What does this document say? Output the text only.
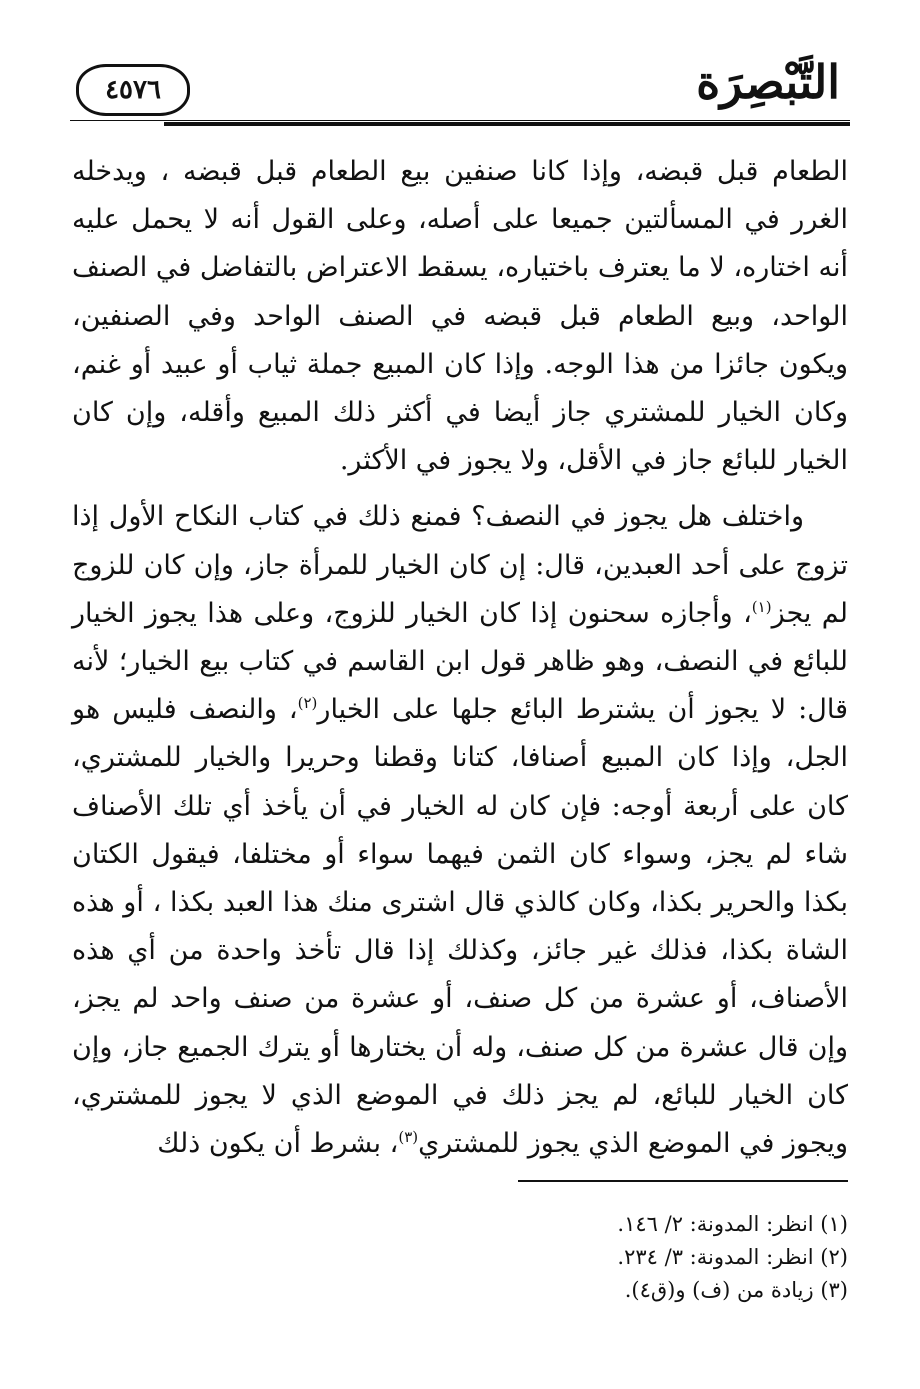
التَّبْصِرَة
٤٥٧٦

الطعام قبل قبضه، وإذا كانا صنفين بيع الطعام قبل قبضه ، ويدخله الغرر في المسألتين جميعا على أصله، وعلى القول أنه لا يحمل عليه أنه اختاره، لا ما يعترف باختياره، يسقط الاعتراض بالتفاضل في الصنف الواحد، وبيع الطعام قبل قبضه في الصنف الواحد وفي الصنفين، ويكون جائزا من هذا الوجه. وإذا كان المبيع جملة ثياب أو عبيد أو غنم، وكان الخيار للمشتري جاز أيضا في أكثر ذلك المبيع وأقله، وإن كان الخيار للبائع جاز في الأقل، ولا يجوز في الأكثر.

واختلف هل يجوز في النصف؟ فمنع ذلك في كتاب النكاح الأول إذا تزوج على أحد العبدين، قال: إن كان الخيار للمرأة جاز، وإن كان للزوج لم يجز$^{(١)}$، وأجازه سحنون إذا كان الخيار للزوج، وعلى هذا يجوز الخيار للبائع في النصف، وهو ظاهر قول ابن القاسم في كتاب بيع الخيار؛ لأنه قال: لا يجوز أن يشترط البائع جلها على الخيار$^{(٢)}$، والنصف فليس هو الجل، وإذا كان المبيع أصنافا، كتانا وقطنا وحريرا والخيار للمشتري، كان على أربعة أوجه: فإن كان له الخيار في أن يأخذ أي تلك الأصناف شاء لم يجز، وسواء كان الثمن فيهما سواء أو مختلفا، فيقول الكتان بكذا والحرير بكذا، وكان كالذي قال اشترى منك هذا العبد بكذا ، أو هذه الشاة بكذا، فذلك غير جائز، وكذلك إذا قال تأخذ واحدة من أي هذه الأصناف، أو عشرة من كل صنف، أو عشرة من صنف واحد لم يجز، وإن قال عشرة من كل صنف، وله أن يختارها أو يترك الجميع جاز، وإن كان الخيار للبائع، لم يجز ذلك في الموضع الذي لا يجوز للمشتري، ويجوز في الموضع الذي يجوز للمشتري$^{(٣)}$، بشرط أن يكون ذلك

(١) انظر: المدونة: ٢/ ١٤٦.
(٢) انظر: المدونة: ٣/ ٢٣٤.
(٣) زيادة من (ف) و(ق٤).
